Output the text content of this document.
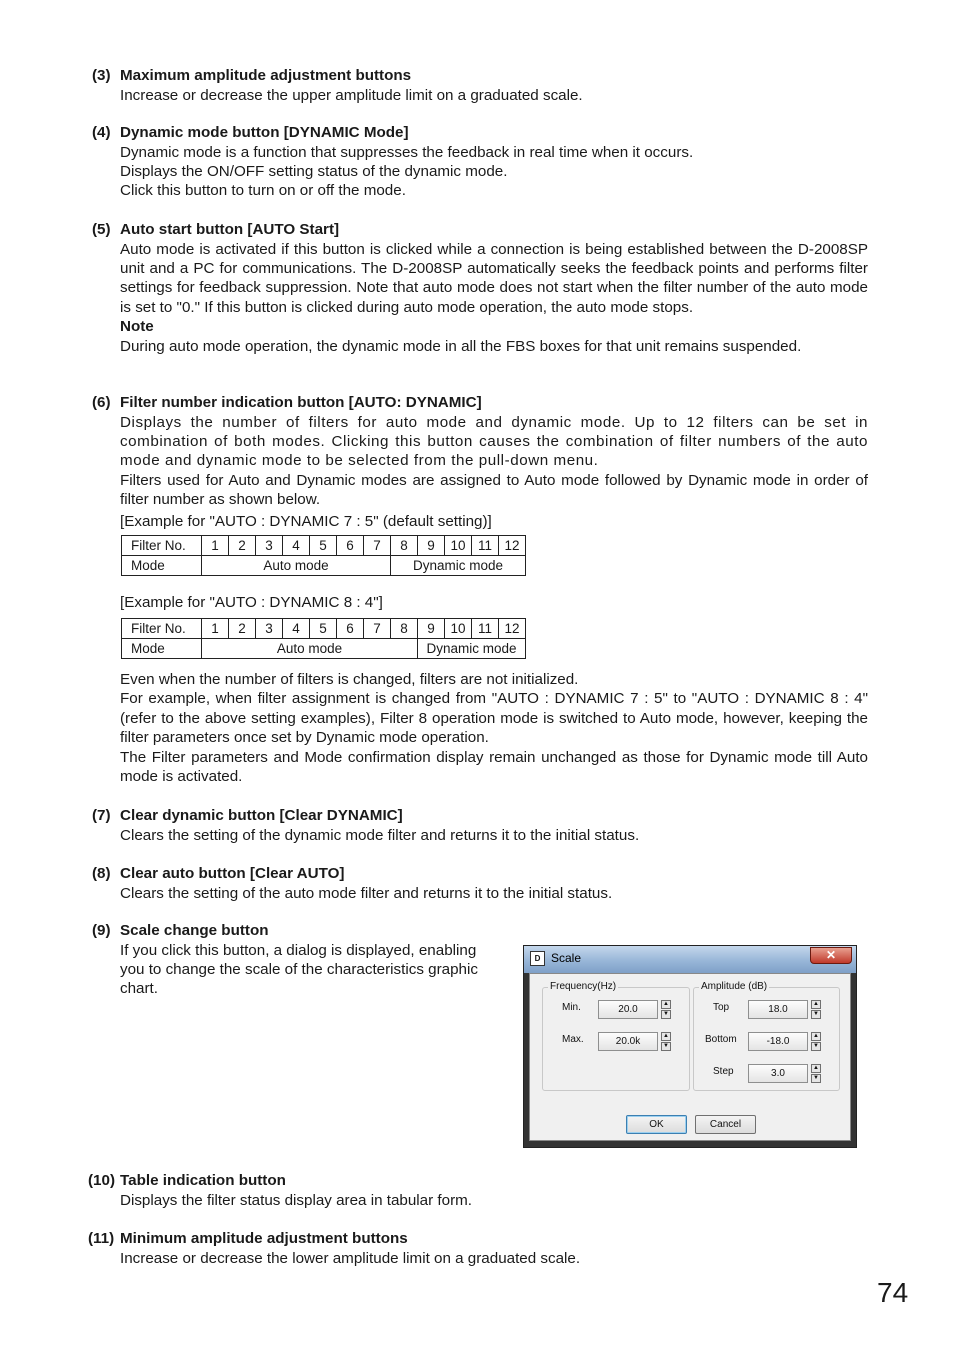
(3) Maximum amplitude adjustment buttons

Increase or decrease the upper amplitude limit on a graduated scale.

(4) Dynamic mode button [DYNAMIC Mode]

Dynamic mode is a function that suppresses the feedback in real time when it occurs.

Displays the ON/OFF setting status of the dynamic mode.

Click this button to turn on or off the mode.

(5) Auto start button [AUTO Start]

Auto mode is activated if this button is clicked while a connection is being established between the D-2008SP unit and a PC for communications. The D-2008SP automatically seeks the feedback points and performs filter settings for feedback suppression. Note that auto mode does not start when the filter number of the auto mode is set to "0." If this button is clicked during auto mode operation, the auto mode stops.

Note

During auto mode operation, the dynamic mode in all the FBS boxes for that unit remains suspended.

(6) Filter number indication button [AUTO: DYNAMIC]

Displays the number of filters for auto mode and dynamic mode. Up to 12 filters can be set in combination of both modes. Clicking this button causes the combination of filter numbers of the auto mode and dynamic mode to be selected from the pull-down menu.

Filters used for Auto and Dynamic modes are assigned to Auto mode followed by Dynamic mode in order of filter number as shown below.

[Example for "AUTO : DYNAMIC 7 : 5" (default setting)]
Filter No.	1	2	3	4	5	6	7	8	9	10	11	12
Mode	Auto mode							Dynamic mode				
[Example for "AUTO : DYNAMIC 8 : 4"]
Filter No.	1	2	3	4	5	6	7	8	9	10	11	12
Mode	Auto mode								Dynamic mode			

Even when the number of filters is changed, filters are not initialized.

For example, when filter assignment is changed from "AUTO : DYNAMIC 7 : 5" to "AUTO : DYNAMIC 8 : 4" (refer to the above setting examples), Filter 8 operation mode is switched to Auto mode, however, keeping the filter parameters once set by Dynamic mode operation.

The Filter parameters and Mode confirmation display remain unchanged as those for Dynamic mode till Auto mode is activated.

(7) Clear dynamic button [Clear DYNAMIC]

Clears the setting of the dynamic mode filter and returns it to the initial status.

(8) Clear auto button [Clear AUTO]

Clears the setting of the auto mode filter and returns it to the initial status.

(9) Scale change button

If you click this button, a dialog is displayed, enabling

you to change the scale of the characteristics graphic

chart.

D Scale	✕
Frequency(Hz)
Min.	20.0	▲
▼
Max.	20.0k	▲
▼
Amplitude (dB)
Top	18.0	▲
▼
Bottom	-18.0	▲
▼
Step	3.0	▲
▼
OK	Cancel
(10) Table indication button

Displays the filter status display area in tabular form.

(11) Minimum amplitude adjustment buttons

Increase or decrease the lower amplitude limit on a graduated scale.

74
